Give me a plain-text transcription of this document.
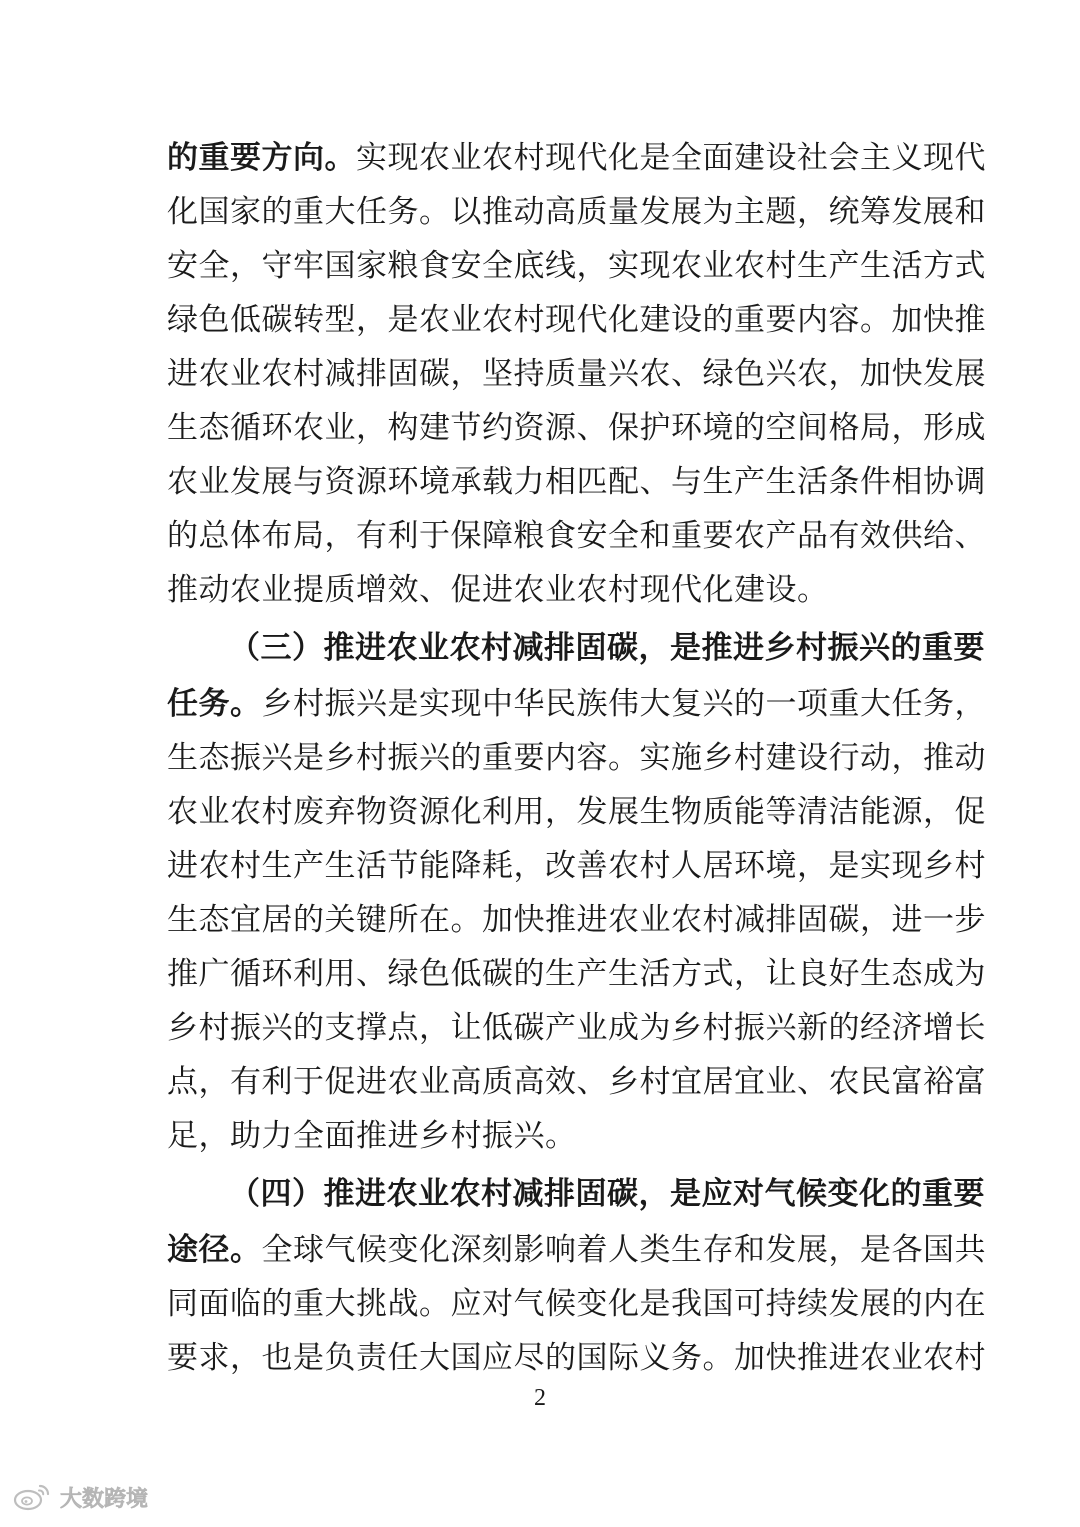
的重要方向。实现农业农村现代化是全面建设社会主义现代
化国家的重大任务。以推动高质量发展为主题，统筹发展和
安全，守牢国家粮食安全底线，实现农业农村生产生活方式
绿色低碳转型，是农业农村现代化建设的重要内容。加快推
进农业农村减排固碳，坚持质量兴农、绿色兴农，加快发展
生态循环农业，构建节约资源、保护环境的空间格局，形成
农业发展与资源环境承载力相匹配、与生产生活条件相协调
的总体布局，有利于保障粮食安全和重要农产品有效供给、
推动农业提质增效、促进农业农村现代化建设。
（三）推进农业农村减排固碳，是推进乡村振兴的重要
任务。乡村振兴是实现中华民族伟大复兴的一项重大任务，
生态振兴是乡村振兴的重要内容。实施乡村建设行动，推动
农业农村废弃物资源化利用，发展生物质能等清洁能源，促
进农村生产生活节能降耗，改善农村人居环境，是实现乡村
生态宜居的关键所在。加快推进农业农村减排固碳，进一步
推广循环利用、绿色低碳的生产生活方式，让良好生态成为
乡村振兴的支撑点，让低碳产业成为乡村振兴新的经济增长
点，有利于促进农业高质高效、乡村宜居宜业、农民富裕富
足，助力全面推进乡村振兴。
（四）推进农业农村减排固碳，是应对气候变化的重要
途径。全球气候变化深刻影响着人类生存和发展，是各国共
同面临的重大挑战。应对气候变化是我国可持续发展的内在
要求，也是负责任大国应尽的国际义务。加快推进农业农村
2
大数跨境
